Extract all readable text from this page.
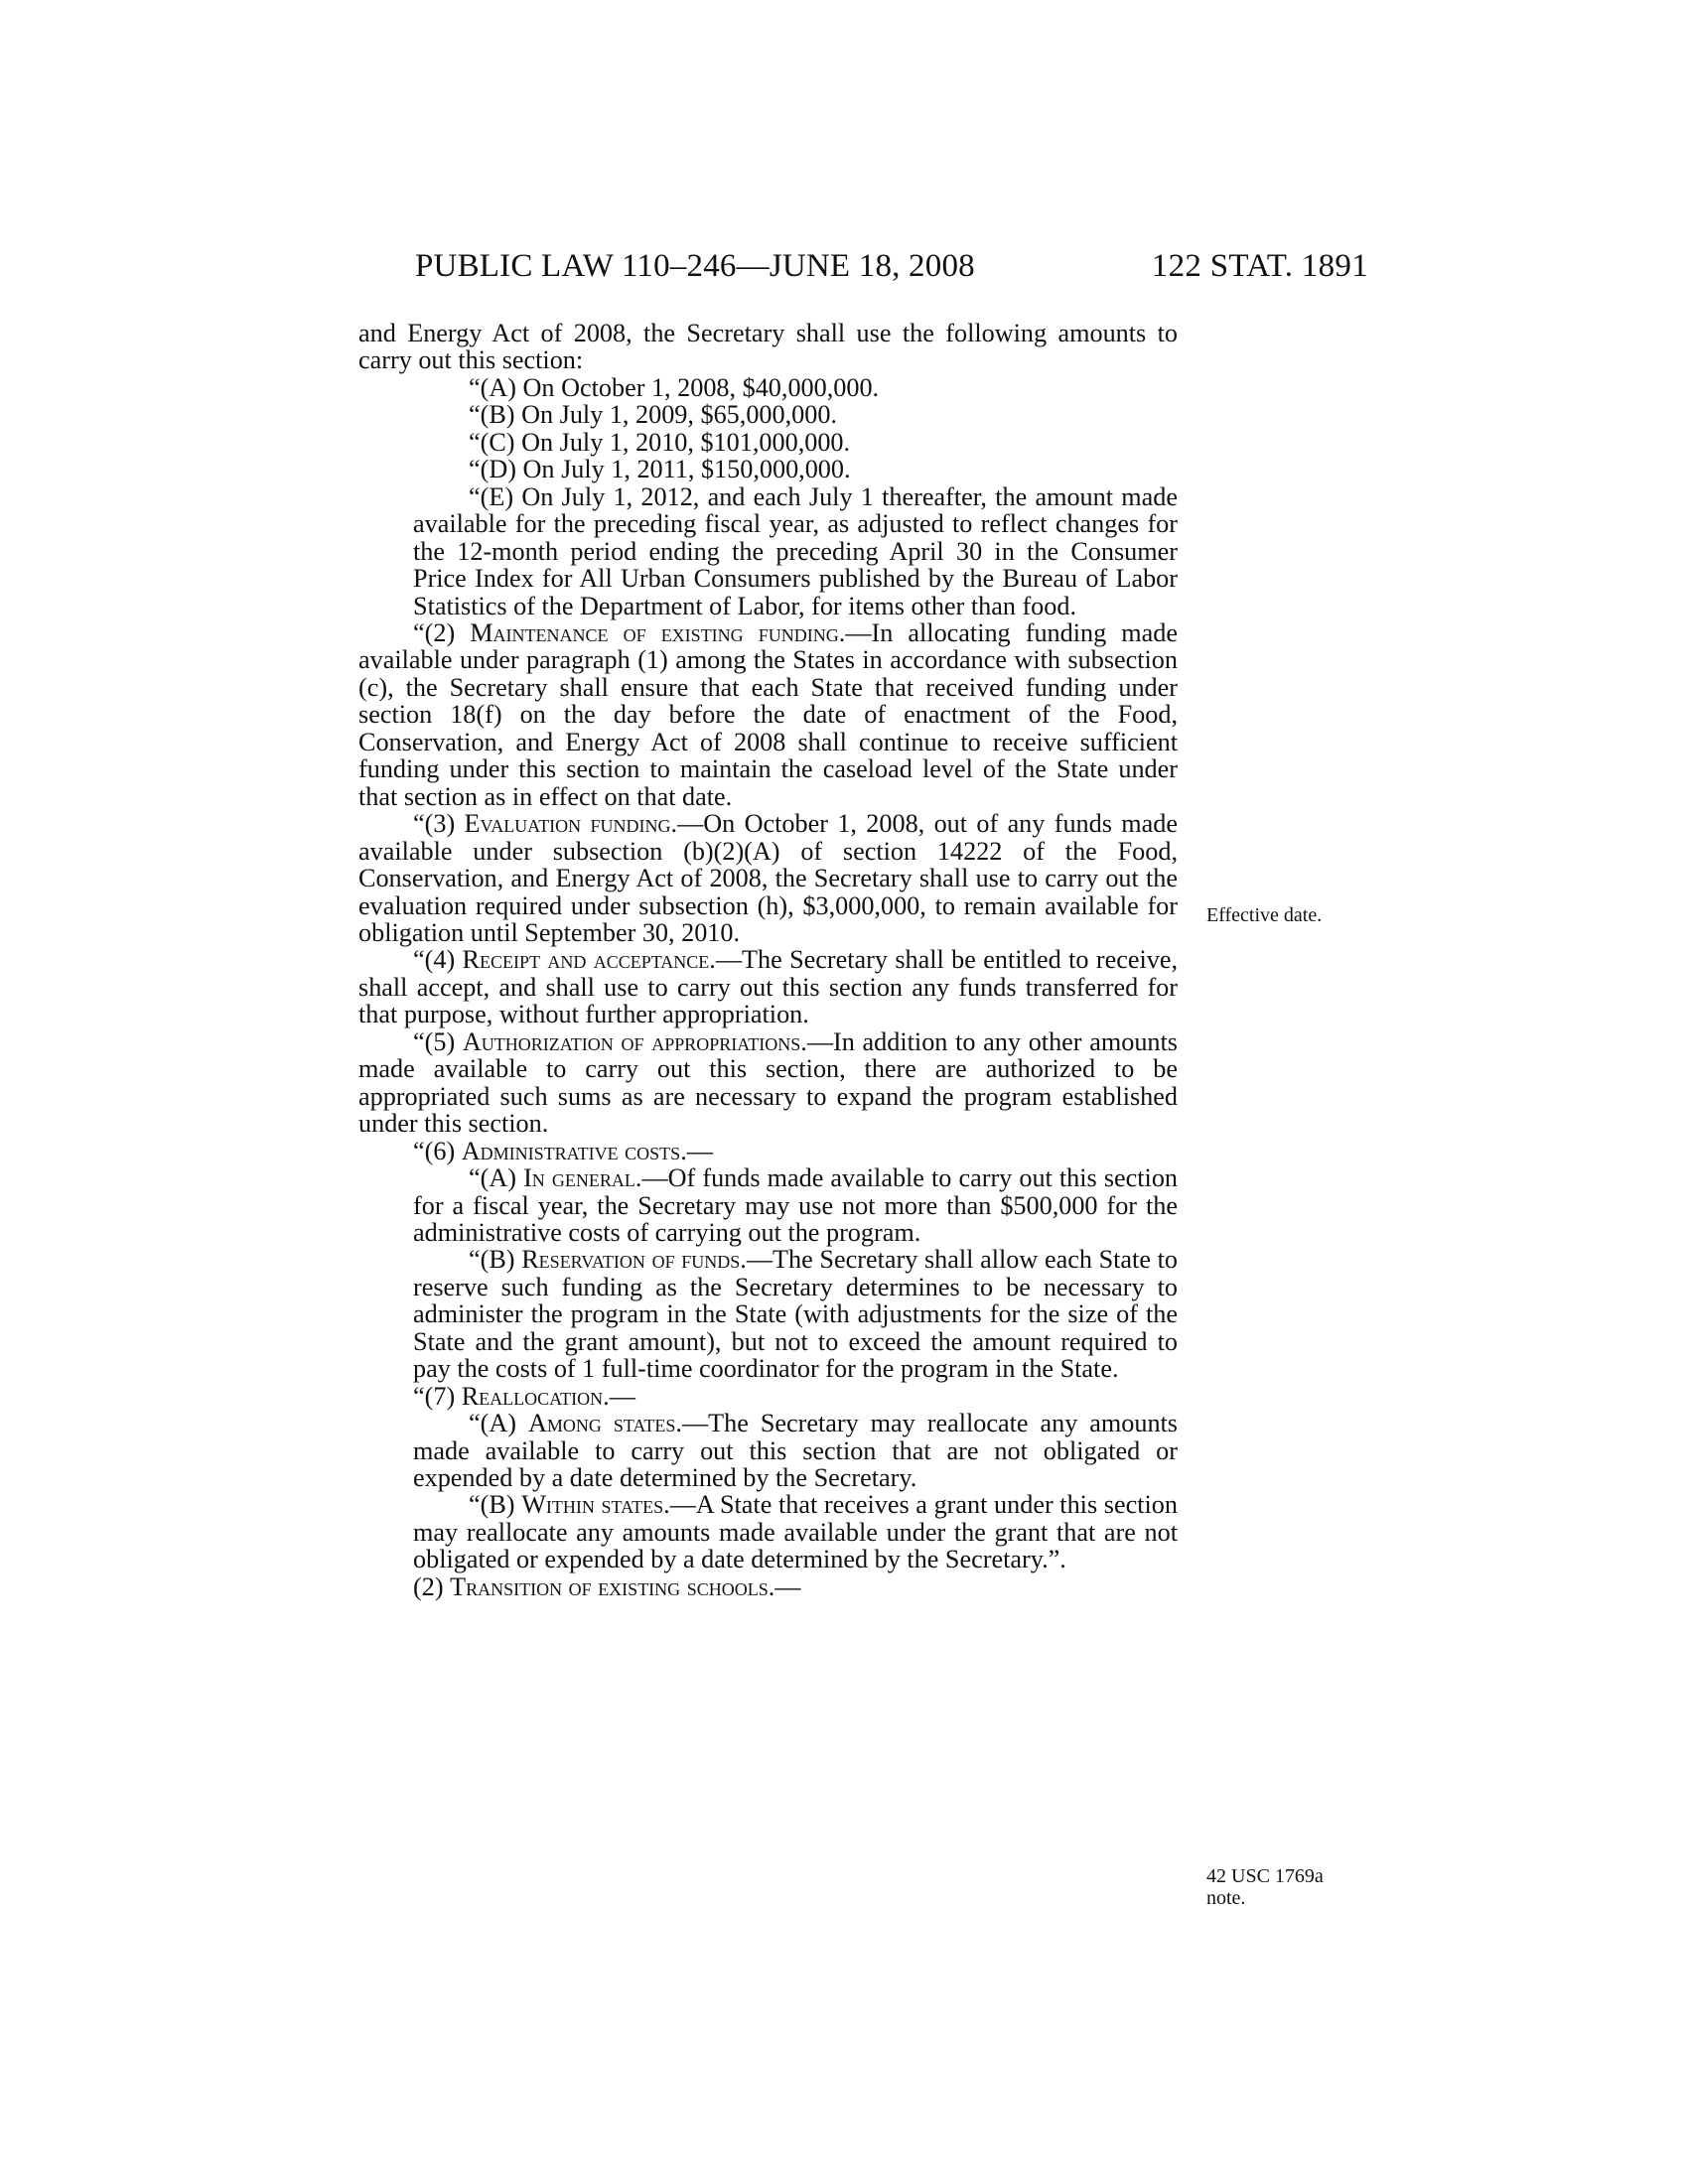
PUBLIC LAW 110–246—JUNE 18, 2008	122 STAT. 1891
Effective date.
42 USC 1769a
note.

and Energy Act of 2008, the Secretary shall use the following amounts to carry out this section:

“(A) On October 1, 2008, $40,000,000.

“(B) On July 1, 2009, $65,000,000.

“(C) On July 1, 2010, $101,000,000.

“(D) On July 1, 2011, $150,000,000.

“(E) On July 1, 2012, and each July 1 thereafter, the amount made available for the preceding fiscal year, as adjusted to reflect changes for the 12-month period ending the preceding April 30 in the Consumer Price Index for All Urban Consumers published by the Bureau of Labor Statistics of the Department of Labor, for items other than food.

“(2) Maintenance of existing funding.—In allocating funding made available under paragraph (1) among the States in accordance with subsection (c), the Secretary shall ensure that each State that received funding under section 18(f) on the day before the date of enactment of the Food, Conservation, and Energy Act of 2008 shall continue to receive sufficient funding under this section to maintain the caseload level of the State under that section as in effect on that date.

“(3) Evaluation funding.—On October 1, 2008, out of any funds made available under subsection (b)(2)(A) of section 14222 of the Food, Conservation, and Energy Act of 2008, the Secretary shall use to carry out the evaluation required under subsection (h), $3,000,000, to remain available for obligation until September 30, 2010.

“(4) Receipt and acceptance.—The Secretary shall be entitled to receive, shall accept, and shall use to carry out this section any funds transferred for that purpose, without further appropriation.

“(5) Authorization of appropriations.—In addition to any other amounts made available to carry out this section, there are authorized to be appropriated such sums as are necessary to expand the program established under this section.

“(6) Administrative costs.—

“(A) In general.—Of funds made available to carry out this section for a fiscal year, the Secretary may use not more than $500,000 for the administrative costs of carrying out the program.

“(B) Reservation of funds.—The Secretary shall allow each State to reserve such funding as the Secretary determines to be necessary to administer the program in the State (with adjustments for the size of the State and the grant amount), but not to exceed the amount required to pay the costs of 1 full-time coordinator for the program in the State.

“(7) Reallocation.—

“(A) Among states.—The Secretary may reallocate any amounts made available to carry out this section that are not obligated or expended by a date determined by the Secretary.

“(B) Within states.—A State that receives a grant under this section may reallocate any amounts made available under the grant that are not obligated or expended by a date determined by the Secretary.”.

(2) Transition of existing schools.—
